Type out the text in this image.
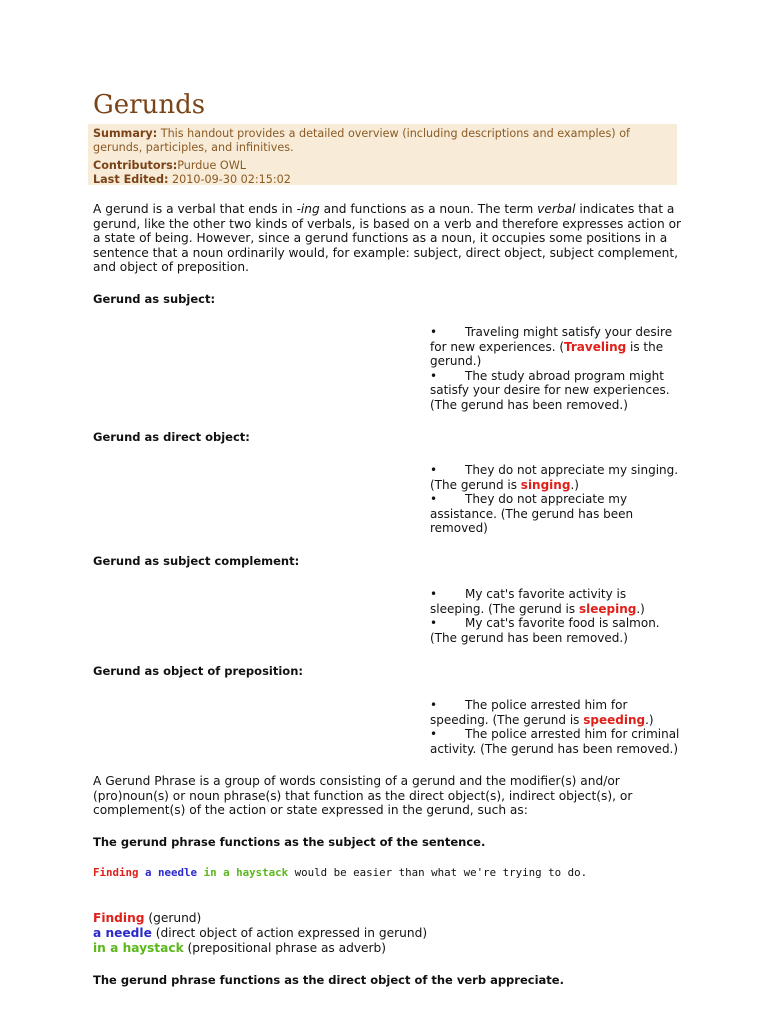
Gerunds

Summary: This handout provides a detailed overview (including descriptions and examples) of gerunds, participles, and infinitives.

Contributors:Purdue OWL

Last Edited: 2010-09-30 02:15:02

A gerund is a verbal that ends in -ing and functions as a noun. The term verbal indicates that a gerund, like the other two kinds of verbals, is based on a verb and therefore expresses action or a state of being. However, since a gerund functions as a noun, it occupies some positions in a sentence that a noun ordinarily would, for example: subject, direct object, subject complement, and object of preposition.

Gerund as subject:

• Traveling might satisfy your desire for new experiences. (Traveling is the gerund.)

• The study abroad program might satisfy your desire for new experiences. (The gerund has been removed.)

Gerund as direct object:

• They do not appreciate my singing. (The gerund is singing.)

• They do not appreciate my assistance. (The gerund has been removed)

Gerund as subject complement:

• My cat's favorite activity is sleeping. (The gerund is sleeping.)

• My cat's favorite food is salmon. (The gerund has been removed.)

Gerund as object of preposition:

• The police arrested him for speeding. (The gerund is speeding.)

• The police arrested him for criminal activity. (The gerund has been removed.)

A Gerund Phrase is a group of words consisting of a gerund and the modifier(s) and/or (pro)noun(s) or noun phrase(s) that function as the direct object(s), indirect object(s), or complement(s) of the action or state expressed in the gerund, such as:

The gerund phrase functions as the subject of the sentence.

Finding a needle in a haystack would be easier than what we're trying to do.

Finding (gerund)

a needle (direct object of action expressed in gerund)

in a haystack (prepositional phrase as adverb)

The gerund phrase functions as the direct object of the verb appreciate.
